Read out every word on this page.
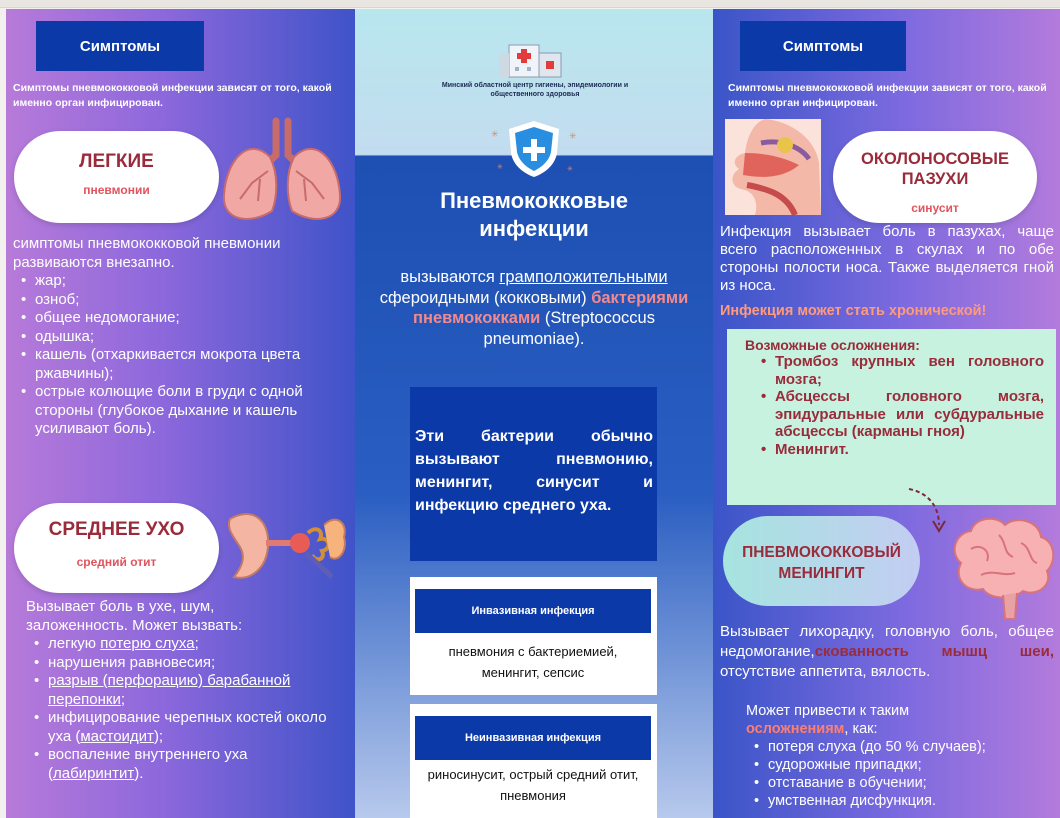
Симптомы
Симптомы пневмококковой инфекции зависят от того, какой именно орган инфицирован.
ЛЕГКИЕ
пневмонии
симптомы пневмококковой пневмонии развиваются внезапно.
• жар;
• озноб;
• общее недомогание;
• одышка;
• кашель (отхаркивается мокрота цвета ржавчины);
• острые колющие боли в груди с одной стороны (глубокое дыхание и кашель усиливают боль).
СРЕДНЕЕ УХО
средний отит
Вызывает боль в ухе, шум, заложенность. Может вызвать:
• легкую потерю слуха;
• нарушения равновесия;
• разрыв (перфорацию) барабанной перепонки;
• инфицирование черепных костей около уха (мастоидит);
• воспаление внутреннего уха (лабиринтит).
Минский областной центр гигиены, эпидемиологии и общественного здоровья
✳	✳
✳	✳
Пневмококковые
инфекции
вызываются грамположительными сфероидными (кокковыми) бактериями пневмококками (Streptococcus pneumoniae).
Эти бактерии обычно вызывают пневмонию, менингит, синусит и инфекцию среднего уха.
Инвазивная инфекция
пневмония с бактериемией, менингит, сепсис
Неинвазивная инфекция
риносинусит, острый средний отит, пневмония
Симптомы
Симптомы пневмококковой инфекции зависят от того, какой именно орган инфицирован.
ОКОЛОНОСОВЫЕ ПАЗУХИ
синусит
Инфекция вызывает боль в пазухах, чаще всего расположенных в скулах и по обе стороны полости носа. Также выделяется гной из носа.
Инфекция может стать хронической!
Возможные осложнения:
• Тромбоз крупных вен головного мозга;
• Абсцессы головного мозга, эпидуральные или субдуральные абсцессы (карманы гноя)
• Менингит.
ПНЕВМОКОККОВЫЙ МЕНИНГИТ
Вызывает лихорадку, головную боль, общее недомогание,скованность мышц шеи, отсутствие аппетита, вялость.
Может привести к таким
осложнениям, как:
• потеря слуха (до 50 % случаев);
• судорожные припадки;
• отставание в обучении;
• умственная дисфункция.
